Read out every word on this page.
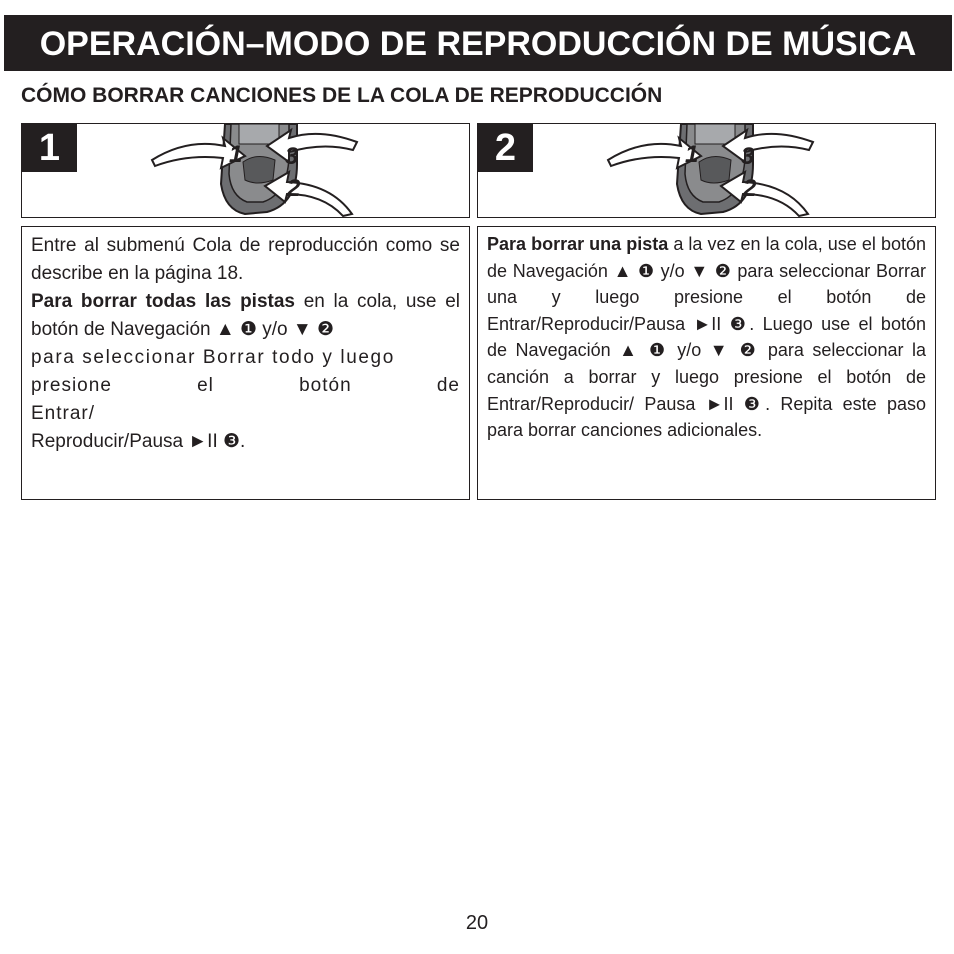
OPERACIÓN–MODO DE REPRODUCCIÓN DE MÚSICA
CÓMO BORRAR CANCIONES DE LA COLA DE REPRODUCCIÓN
1	1 3
2
2	1 3
2

Entre al submenú Cola de reproducción como se describe en la página 18.
Para borrar todas las pistas en la cola, use el botón de Navegación ▲ ❶ y/o ▼ ❷
para seleccionar Borrar todo y luego

presione el botón de Entrar/
Reproducir/Pausa ►II ❸.

Para borrar una pista a la vez en la cola, use el botón de Navegación ▲ ❶ y/o ▼ ❷ para seleccionar Borrar una y luego presione el botón de Entrar/Reproducir/Pausa ►II ❸. Luego use el botón de Navegación ▲ ❶ y/o ▼ ❷ para seleccionar la canción a borrar y luego presione el botón de Entrar/Reproducir/ Pausa ►II ❸. Repita este paso para borrar canciones adicionales.

20
